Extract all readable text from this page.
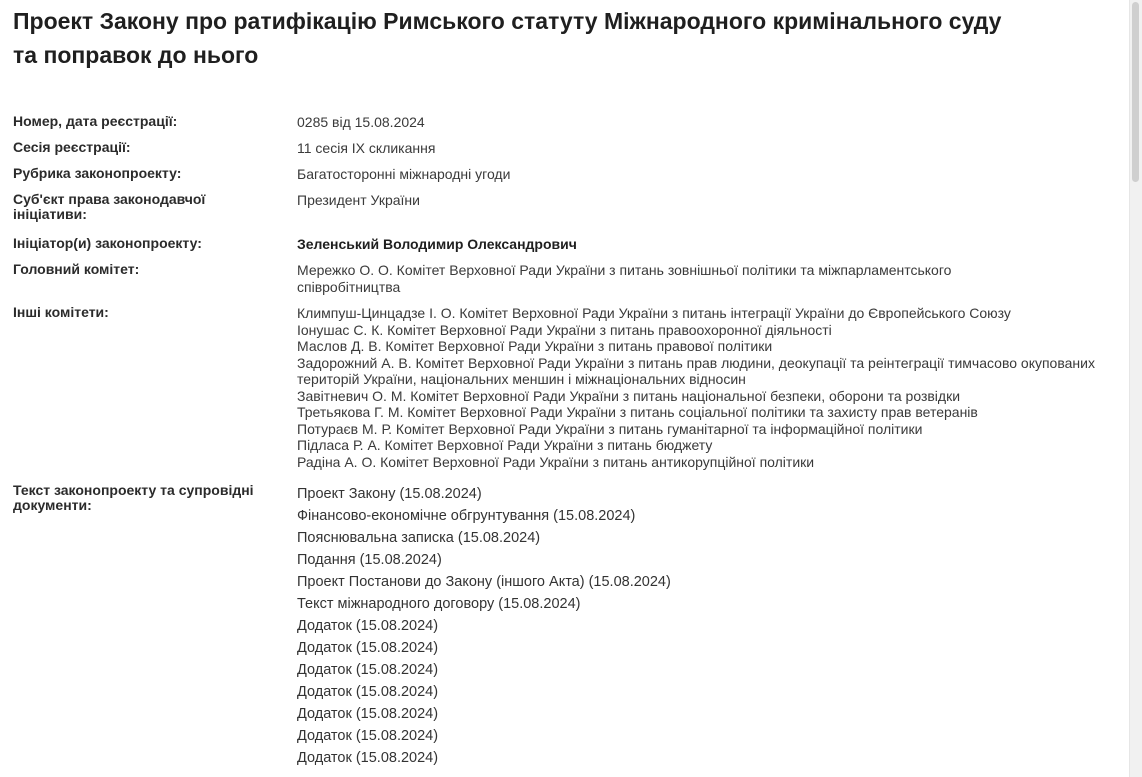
Проект Закону про ратифікацію Римського статуту Міжнародного кримінального суду та поправок до нього
Номер, дата реєстрації:	0285 від 15.08.2024
Сесія реєстрації:	11 сесія IX скликання
Рубрика законопроекту:	Багатосторонні міжнародні угоди
Суб'єкт права законодавчої ініціативи:
Президент України
Ініціатор(и) законопроекту:	Зеленський Володимир Олександрович
Головний комітет:	Мережко О. О. Комітет Верховної Ради України з питань зовнішньої політики та міжпарламентського співробітництва
Інші комітети:	Климпуш-Цинцадзе І. О. Комітет Верховної Ради України з питань інтеграції України до Європейського Союзу
Іонушас С. К. Комітет Верховної Ради України з питань правоохоронної діяльності
Маслов Д. В. Комітет Верховної Ради України з питань правової політики
Задорожний А. В. Комітет Верховної Ради України з питань прав людини, деокупації та реінтеграції тимчасово окупованих територій України, національних меншин і міжнаціональних відносин
Завітневич О. М. Комітет Верховної Ради України з питань національної безпеки, оборони та розвідки
Третьякова Г. М. Комітет Верховної Ради України з питань соціальної політики та захисту прав ветеранів
Потураєв М. Р. Комітет Верховної Ради України з питань гуманітарної та інформаційної політики
Підласа Р. А. Комітет Верховної Ради України з питань бюджету
Радіна А. О. Комітет Верховної Ради України з питань антикорупційної політики
Текст законопроекту та супровідні документи:
Проект Закону (15.08.2024)
Фінансово-економічне обгрунтування (15.08.2024)
Пояснювальна записка (15.08.2024)
Подання (15.08.2024)
Проект Постанови до Закону (іншого Акта) (15.08.2024)
Текст міжнародного договору (15.08.2024)
Додаток (15.08.2024)
Додаток (15.08.2024)
Додаток (15.08.2024)
Додаток (15.08.2024)
Додаток (15.08.2024)
Додаток (15.08.2024)
Додаток (15.08.2024)
